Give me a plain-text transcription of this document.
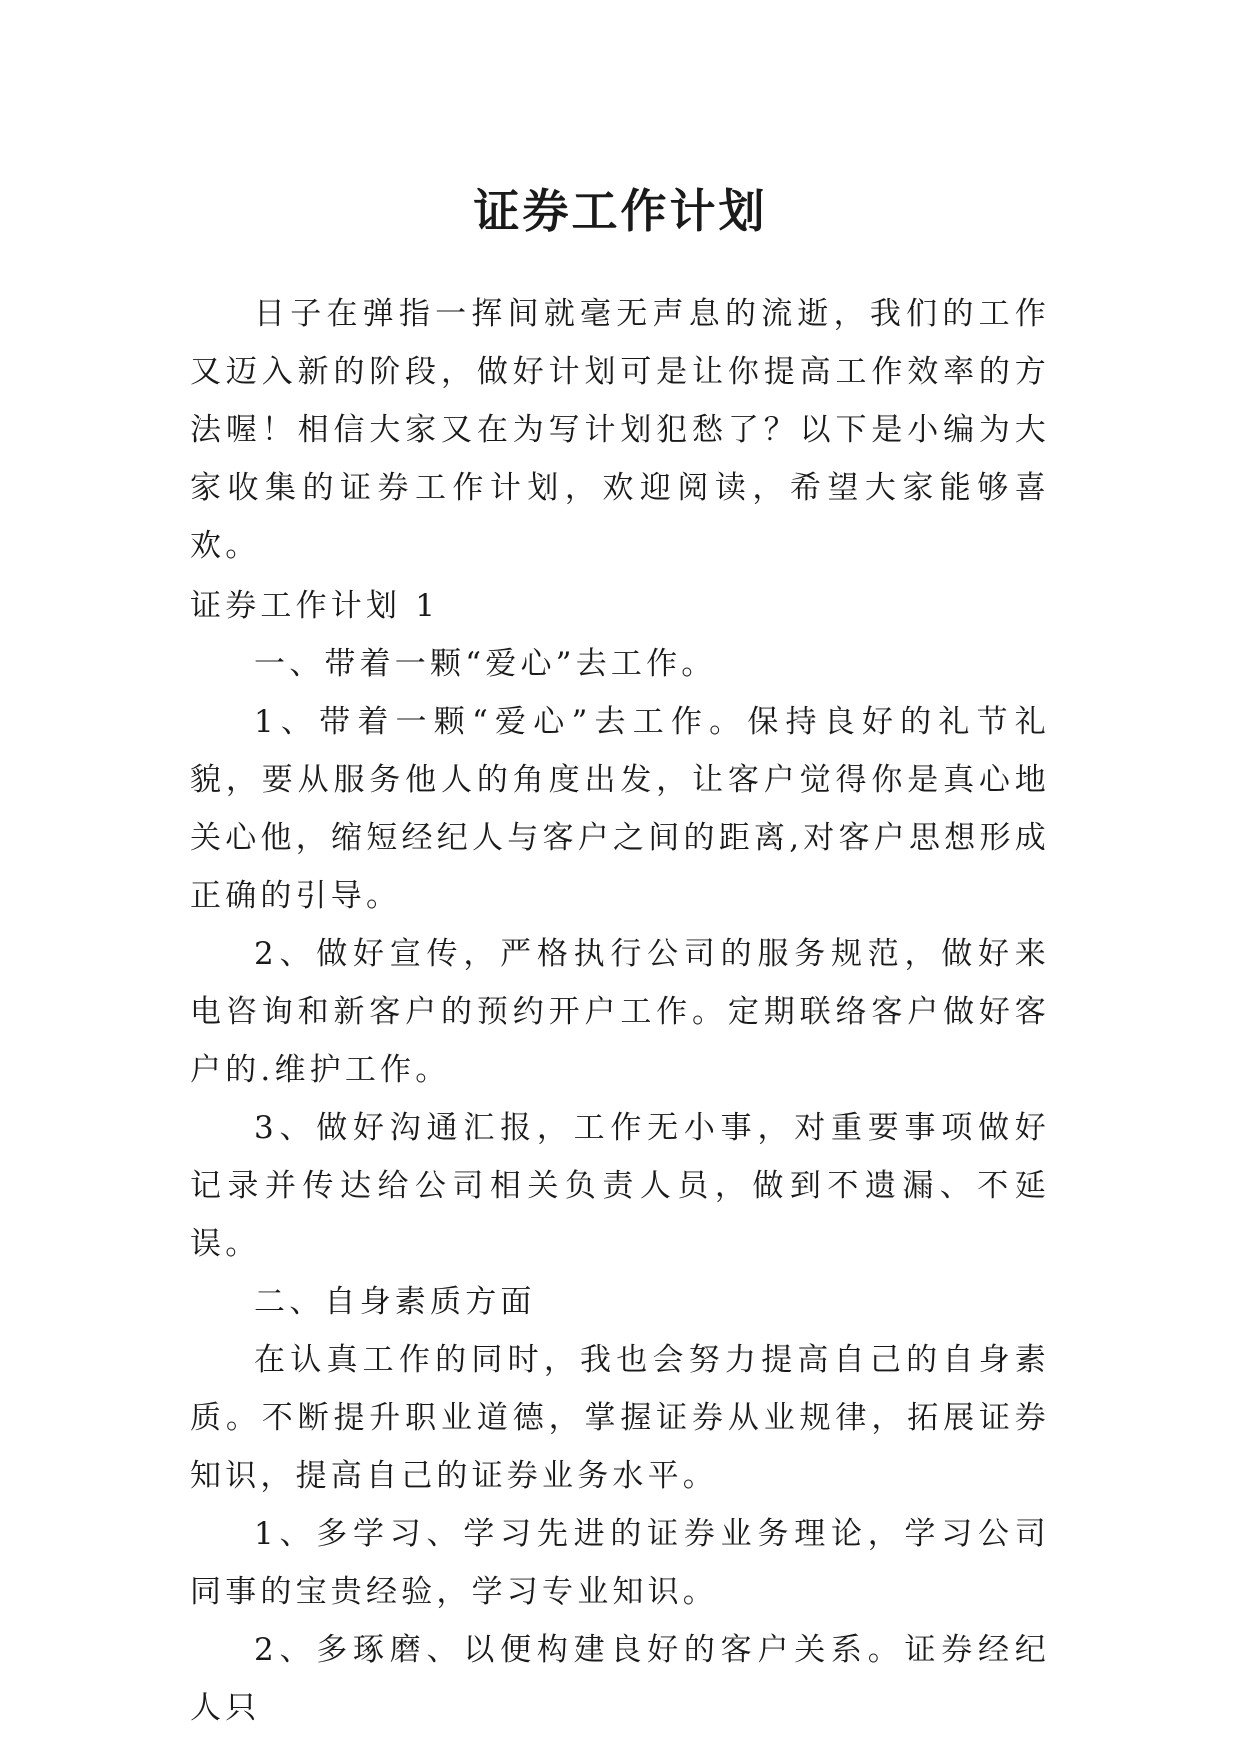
证券工作计划

日子在弹指一挥间就毫无声息的流逝，我们的工作又迈入新的阶段，做好计划可是让你提高工作效率的方法喔！相信大家又在为写计划犯愁了？以下是小编为大家收集的证券工作计划，欢迎阅读，希望大家能够喜欢。

证券工作计划 1

一、带着一颗“爱心”去工作。

1、带着一颗“爱心”去工作。保持良好的礼节礼貌，要从服务他人的角度出发，让客户觉得你是真心地关心他，缩短经纪人与客户之间的距离,对客户思想形成正确的引导。

2、做好宣传，严格执行公司的服务规范，做好来电咨询和新客户的预约开户工作。定期联络客户做好客户的.维护工作。

3、做好沟通汇报，工作无小事，对重要事项做好记录并传达给公司相关负责人员，做到不遗漏、不延误。

二、自身素质方面

在认真工作的同时，我也会努力提高自己的自身素质。不断提升职业道德，掌握证券从业规律，拓展证券知识，提高自己的证券业务水平。

1、多学习、学习先进的证券业务理论，学习公司同事的宝贵经验，学习专业知识。

2、多琢磨、以便构建良好的客户关系。证券经纪人只
